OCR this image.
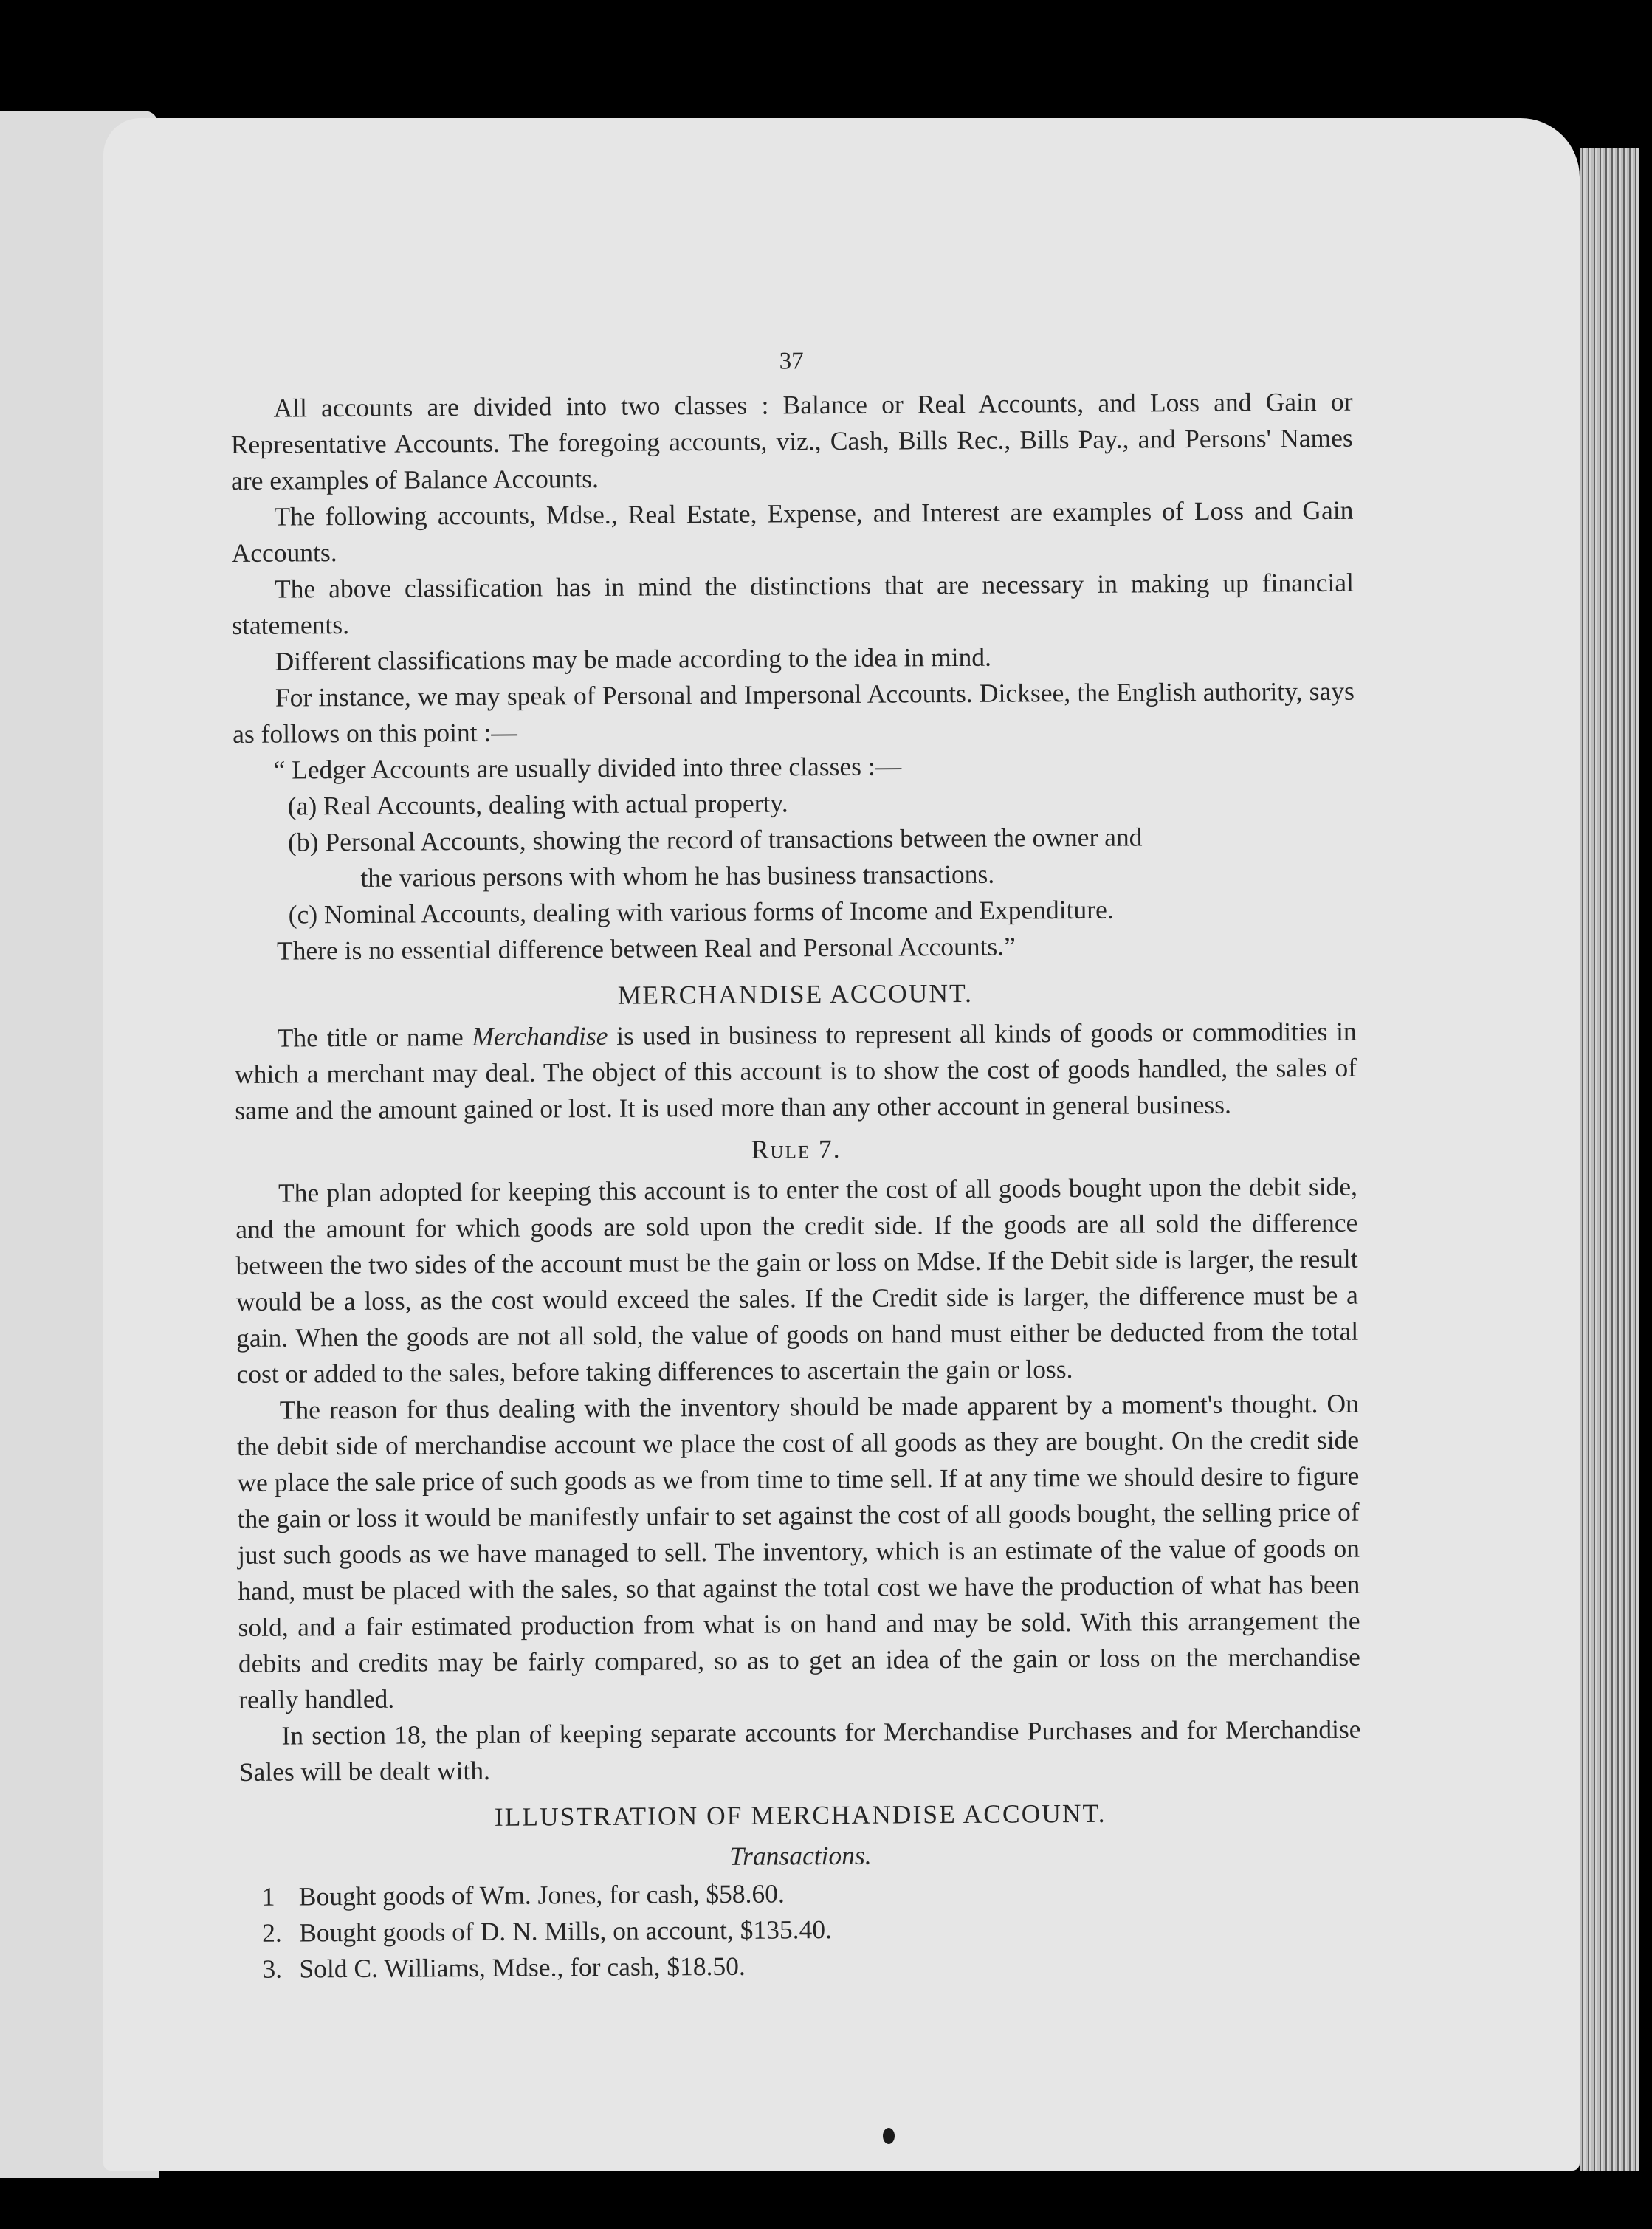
37

All accounts are divided into two classes : Balance or Real Accounts, and Loss and Gain or Representative Accounts. The foregoing accounts, viz., Cash, Bills Rec., Bills Pay., and Persons' Names are examples of Balance Accounts.

The following accounts, Mdse., Real Estate, Expense, and Interest are examples of Loss and Gain Accounts.

The above classification has in mind the distinctions that are necessary in making up financial statements.

Different classifications may be made according to the idea in mind.

For instance, we may speak of Personal and Impersonal Accounts. Dicksee, the English authority, says as follows on this point :—

“ Ledger Accounts are usually divided into three classes :—
(a) Real Accounts, dealing with actual property.
(b) Personal Accounts, showing the record of transactions between the owner and
the various persons with whom he has business transactions.
(c) Nominal Accounts, dealing with various forms of Income and Expenditure.

There is no essential difference between Real and Personal Accounts.”

MERCHANDISE ACCOUNT.

The title or name Merchandise is used in business to represent all kinds of goods or commodities in which a merchant may deal. The object of this account is to show the cost of goods handled, the sales of same and the amount gained or lost. It is used more than any other account in general business.

Rule 7.

The plan adopted for keeping this account is to enter the cost of all goods bought upon the debit side, and the amount for which goods are sold upon the credit side. If the goods are all sold the difference between the two sides of the account must be the gain or loss on Mdse. If the Debit side is larger, the result would be a loss, as the cost would exceed the sales. If the Credit side is larger, the difference must be a gain. When the goods are not all sold, the value of goods on hand must either be deducted from the total cost or added to the sales, before taking differences to ascertain the gain or loss.

The reason for thus dealing with the inventory should be made apparent by a moment's thought. On the debit side of merchandise account we place the cost of all goods as they are bought. On the credit side we place the sale price of such goods as we from time to time sell. If at any time we should desire to figure the gain or loss it would be manifestly unfair to set against the cost of all goods bought, the selling price of just such goods as we have managed to sell. The inventory, which is an estimate of the value of goods on hand, must be placed with the sales, so that against the total cost we have the production of what has been sold, and a fair estimated production from what is on hand and may be sold. With this arrangement the debits and credits may be fairly compared, so as to get an idea of the gain or loss on the merchandise really handled.

In section 18, the plan of keeping separate accounts for Merchandise Purchases and for Merchandise Sales will be dealt with.

ILLUSTRATION OF MERCHANDISE ACCOUNT.
Transactions.
1 Bought goods of Wm. Jones, for cash, $58.60.
2. Bought goods of D. N. Mills, on account, $135.40.
3. Sold C. Williams, Mdse., for cash, $18.50.
